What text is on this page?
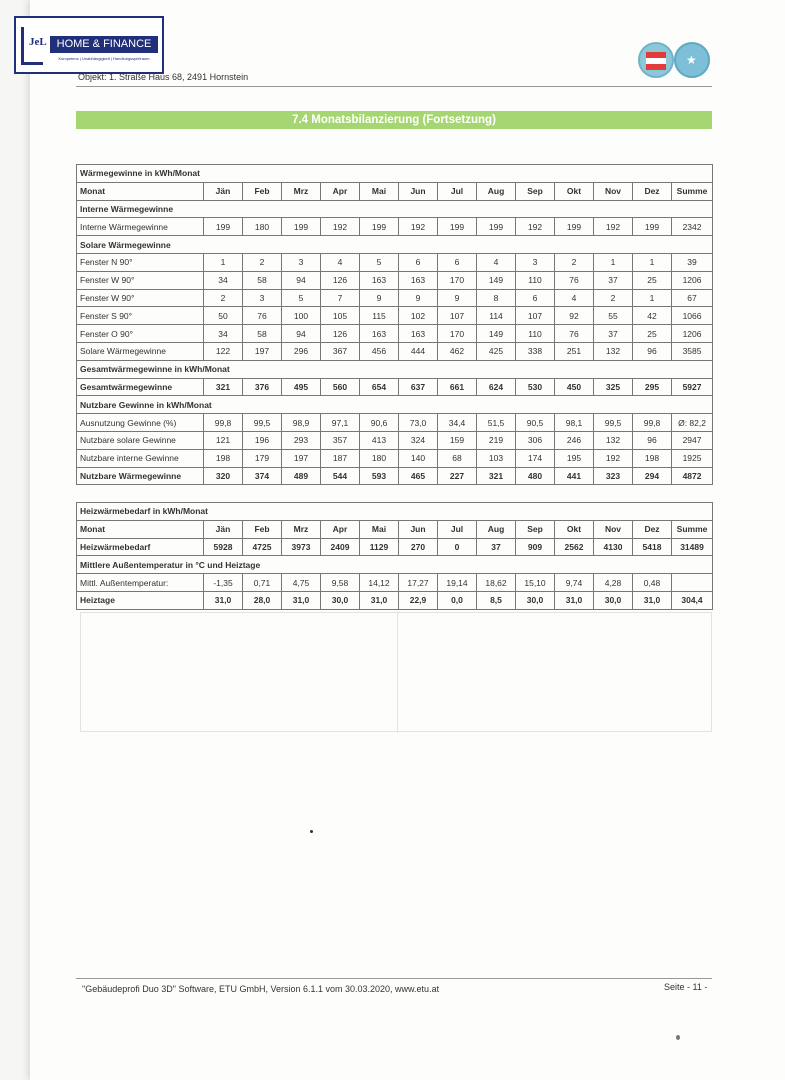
JeL HOME & FINANCE
Kompetenz | Unabhängigkeit | Handlungsspielraum
Objekt: 1. Straße Haus 68, 2491 Hornstein
★
7.4 Monatsbilanzierung (Fortsetzung)
Wärmegewinne in kWh/Monat													
Monat	Jän	Feb	Mrz	Apr	Mai	Jun	Jul	Aug	Sep	Okt	Nov	Dez	Summe
Interne Wärmegewinne													
Interne Wärmegewinne	199	180	199	192	199	192	199	199	192	199	192	199	2342
Solare Wärmegewinne													
Fenster N 90°	1	2	3	4	5	6	6	4	3	2	1	1	39
Fenster W 90°	34	58	94	126	163	163	170	149	110	76	37	25	1206
Fenster W 90°	2	3	5	7	9	9	9	8	6	4	2	1	67
Fenster S 90°	50	76	100	105	115	102	107	114	107	92	55	42	1066
Fenster O 90°	34	58	94	126	163	163	170	149	110	76	37	25	1206
Solare Wärmegewinne	122	197	296	367	456	444	462	425	338	251	132	96	3585
Gesamtwärmegewinne in kWh/Monat													
Gesamtwärmegewinne	321	376	495	560	654	637	661	624	530	450	325	295	5927
Nutzbare Gewinne in kWh/Monat													
Ausnutzung Gewinne (%)	99,8	99,5	98,9	97,1	90,6	73,0	34,4	51,5	90,5	98,1	99,5	99,8	Ø: 82,2
Nutzbare solare Gewinne	121	196	293	357	413	324	159	219	306	246	132	96	2947
Nutzbare interne Gewinne	198	179	197	187	180	140	68	103	174	195	192	198	1925
Nutzbare Wärmegewinne	320	374	489	544	593	465	227	321	480	441	323	294	4872
Heizwärmebedarf in kWh/Monat													
Monat	Jän	Feb	Mrz	Apr	Mai	Jun	Jul	Aug	Sep	Okt	Nov	Dez	Summe
Heizwärmebedarf	5928	4725	3973	2409	1129	270	0	37	909	2562	4130	5418	31489
Mittlere Außentemperatur in °C und Heiztage													
Mittl. Außentemperatur:	-1,35	0,71	4,75	9,58	14,12	17,27	19,14	18,62	15,10	9,74	4,28	0,48	
Heiztage	31,0	28,0	31,0	30,0	31,0	22,9	0,0	8,5	30,0	31,0	30,0	31,0	304,4
"Gebäudeprofi Duo 3D" Software, ETU GmbH, Version 6.1.1 vom 30.03.2020, www.etu.at	Seite - 11 -
